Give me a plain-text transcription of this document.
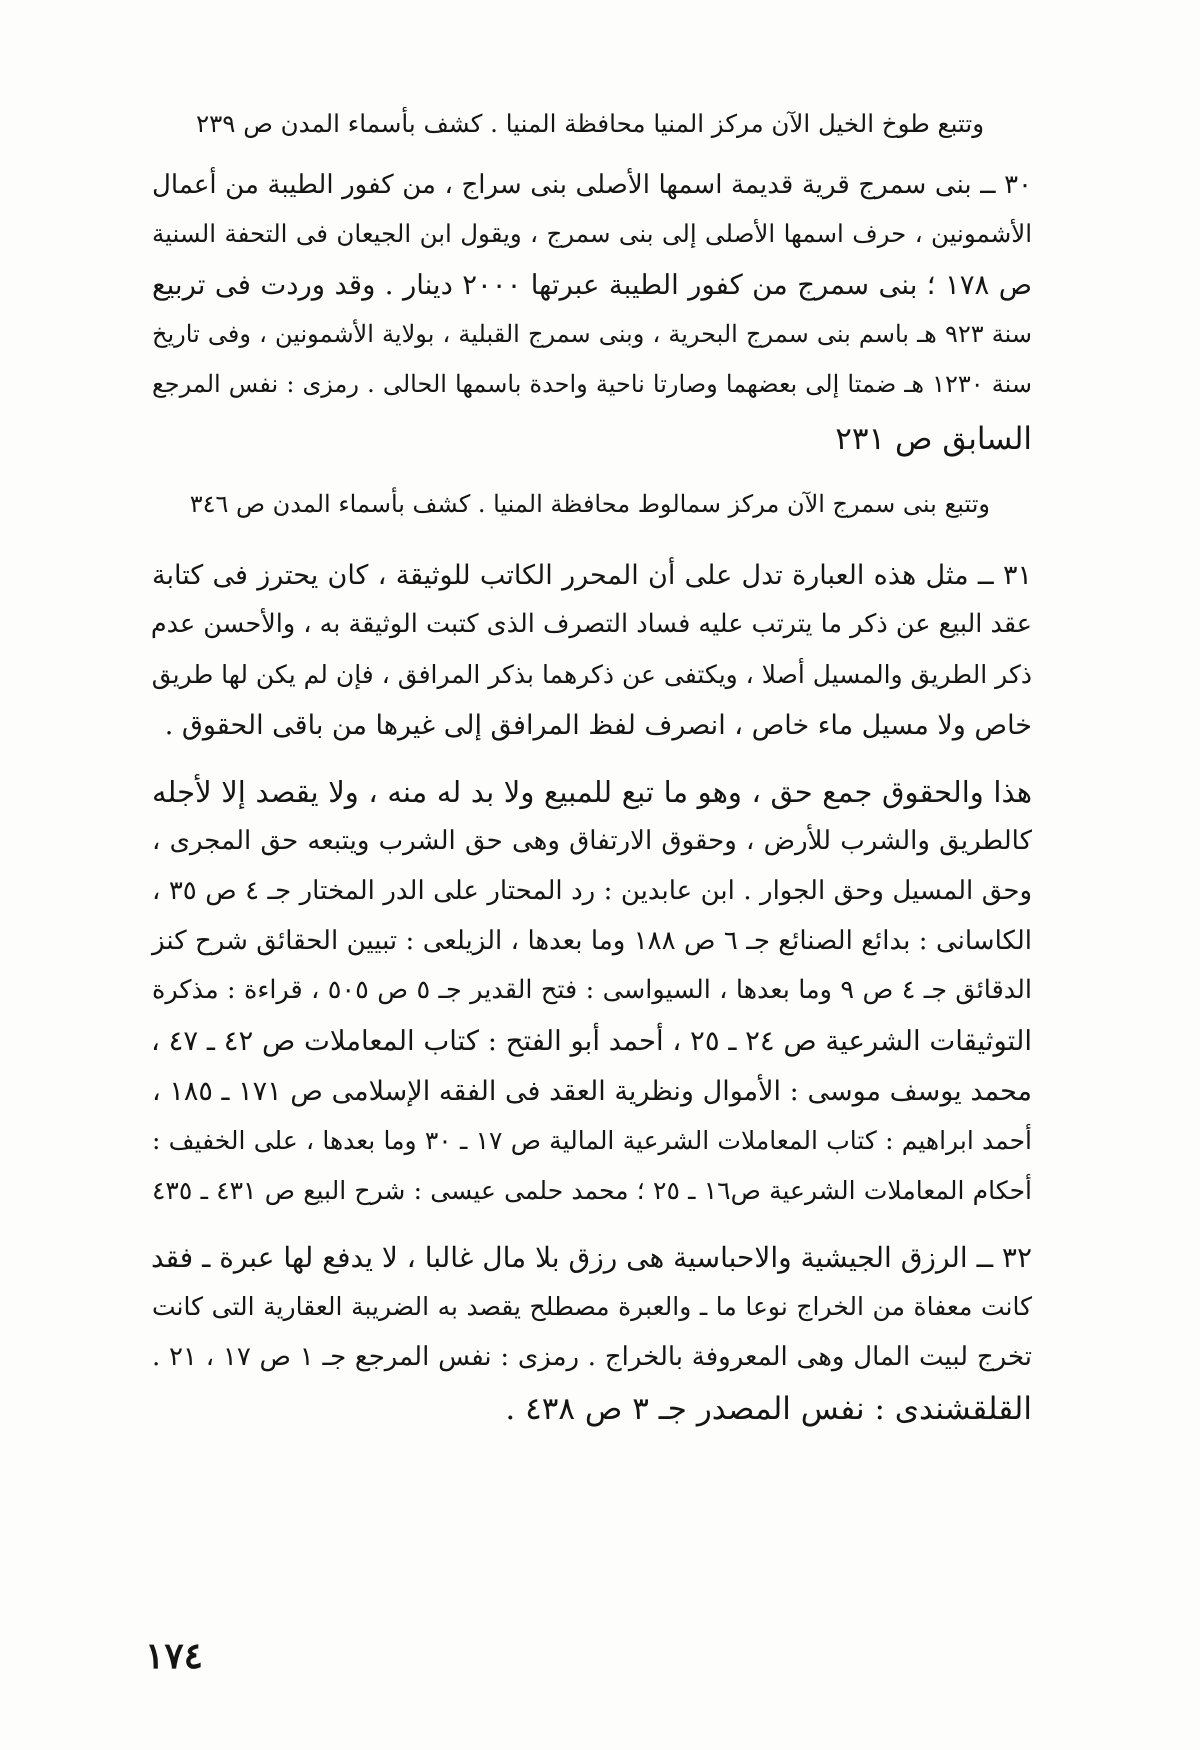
وتتبع طوخ الخيل الآن مركز المنيا محافظة المنيا . كشف بأسماء المدن ص ٢٣٩
٣٠ ــ بنى سمرج قرية قديمة اسمها الأصلى بنى سراج ، من كفور الطيبة من أعمال
الأشمونين ، حرف اسمها الأصلى إلى بنى سمرج ، ويقول ابن الجيعان فى التحفة السنية
ص ١٧٨ ؛ بنى سمرج من كفور الطيبة عبرتها ٢٠٠٠ دينار . وقد وردت فى تربيع
سنة ٩٢٣ هـ باسم بنى سمرج البحرية ، وبنى سمرج القبلية ، بولاية الأشمونين ، وفى تاريخ
سنة ١٢٣٠ هـ ضمتا إلى بعضهما وصارتا ناحية واحدة باسمها الحالى . رمزى : نفس المرجع
السابق ص ٢٣١
وتتبع بنى سمرج الآن مركز سمالوط محافظة المنيا . كشف بأسماء المدن ص ٣٤٦
٣١ ــ مثل هذه العبارة تدل على أن المحرر الكاتب للوثيقة ، كان يحترز فى كتابة
عقد البيع عن ذكر ما يترتب عليه فساد التصرف الذى كتبت الوثيقة به ، والأحسن عدم
ذكر الطريق والمسيل أصلا ، ويكتفى عن ذكرهما بذكر المرافق ، فإن لم يكن لها طريق
خاص ولا مسيل ماء خاص ، انصرف لفظ المرافق إلى غيرها من باقى الحقوق .
هذا والحقوق جمع حق ، وهو ما تبع للمبيع ولا بد له منه ، ولا يقصد إلا لأجله
كالطريق والشرب للأرض ، وحقوق الارتفاق وهى حق الشرب ويتبعه حق المجرى ،
وحق المسيل وحق الجوار . ابن عابدين : رد المحتار على الدر المختار جـ ٤ ص ٣٥ ،
الكاسانى : بدائع الصنائع جـ ٦ ص ١٨٨ وما بعدها ، الزيلعى : تبيين الحقائق شرح كنز
الدقائق جـ ٤ ص ٩ وما بعدها ، السيواسى : فتح القدير جـ ٥ ص ٥٠٥ ، قراءة : مذكرة
التوثيقات الشرعية ص ٢٤ ـ ٢٥ ، أحمد أبو الفتح : كتاب المعاملات ص ٤٢ ـ ٤٧ ،
محمد يوسف موسى : الأموال ونظرية العقد فى الفقه الإسلامى ص ١٧١ ـ ١٨٥ ،
أحمد ابراهيم : كتاب المعاملات الشرعية المالية ص ١٧ ـ ٣٠ وما بعدها ، على الخفيف :
أحكام المعاملات الشرعية ص١٦ ـ ٢٥ ؛ محمد حلمى عيسى : شرح البيع ص ٤٣١ ـ ٤٣٥
٣٢ ــ الرزق الجيشية والاحباسية هى رزق بلا مال غالبا ، لا يدفع لها عبرة ـ فقد
كانت معفاة من الخراج نوعا ما ـ والعبرة مصطلح يقصد به الضريبة العقارية التى كانت
تخرج لبيت المال وهى المعروفة بالخراج . رمزى : نفس المرجع جـ ١ ص ١٧ ، ٢١ .
القلقشندى : نفس المصدر جـ ٣ ص ٤٣٨ .
١٧٤
